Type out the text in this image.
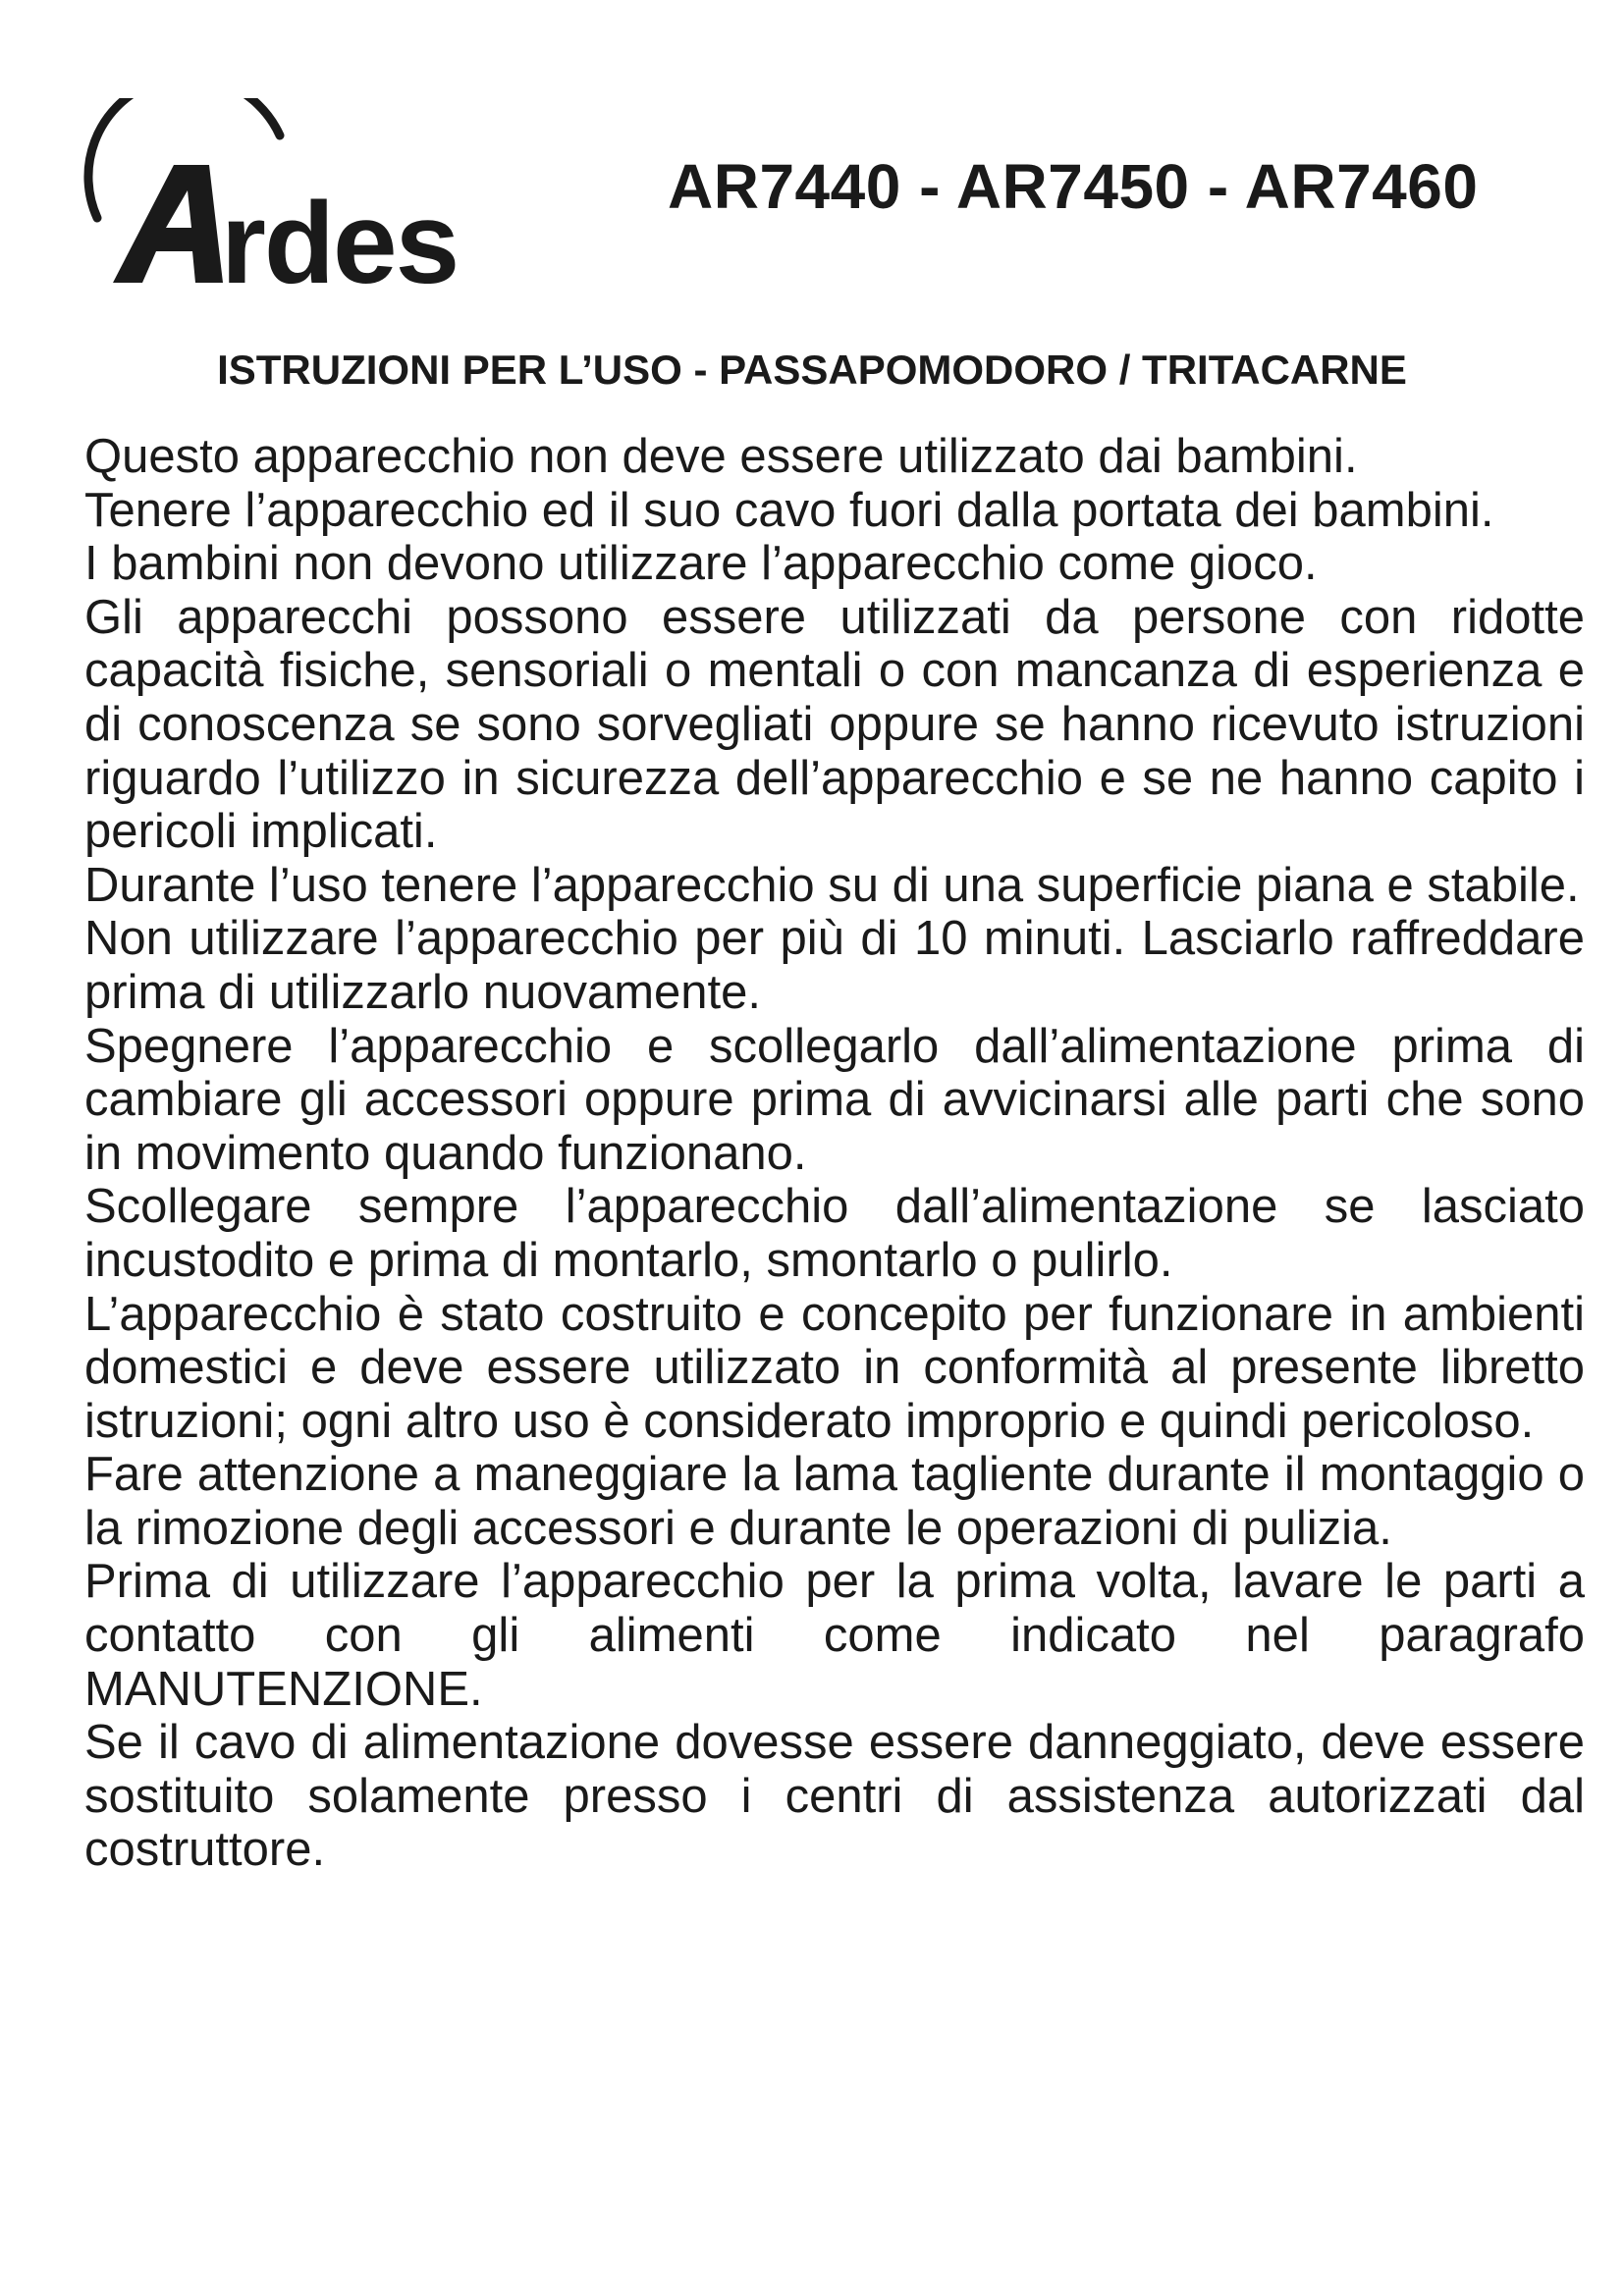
rdes	AR7440 - AR7450 - AR7460
ISTRUZIONI PER L’USO - PASSAPOMODORO / TRITACARNE

Questo apparecchio non deve essere utilizzato dai bambini.

Tenere l’apparecchio ed il suo cavo fuori dalla portata dei bambini.

I bambini non devono utilizzare l’apparecchio come gioco.

Gli apparecchi possono essere utilizzati da persone con ridotte capacità fisiche, sensoriali o mentali o con mancanza di esperienza e di conoscenza se sono sorvegliati oppure se hanno ricevuto istruzioni riguardo l’utilizzo in sicurezza dell’apparecchio e se ne hanno capito i pericoli implicati.

Durante l’uso tenere l’apparecchio su di una superficie piana e stabile.

Non utilizzare l’apparecchio per più di 10 minuti. Lasciarlo raffreddare prima di utilizzarlo nuovamente.

Spegnere l’apparecchio e scollegarlo dall’alimentazione prima di cambiare gli accessori oppure prima di avvicinarsi alle parti che sono in movimento quando funzionano.

Scollegare sempre l’apparecchio dall’alimentazione se lasciato incustodito e prima di montarlo, smontarlo o pulirlo.

L’apparecchio è stato costruito e concepito per funzionare in ambienti domestici e deve essere utilizzato in conformità al presente libretto istruzioni; ogni altro uso è considerato improprio e quindi pericoloso.

Fare attenzione a maneggiare la lama tagliente durante il montaggio o la rimozione degli accessori e durante le operazioni di pulizia.

Prima di utilizzare l’apparecchio per la prima volta, lavare le parti a contatto con gli alimenti come indicato nel paragrafo MANUTENZIONE.

Se il cavo di alimentazione dovesse essere danneggiato, deve essere sostituito solamente presso i centri di assistenza autorizzati dal costruttore.
